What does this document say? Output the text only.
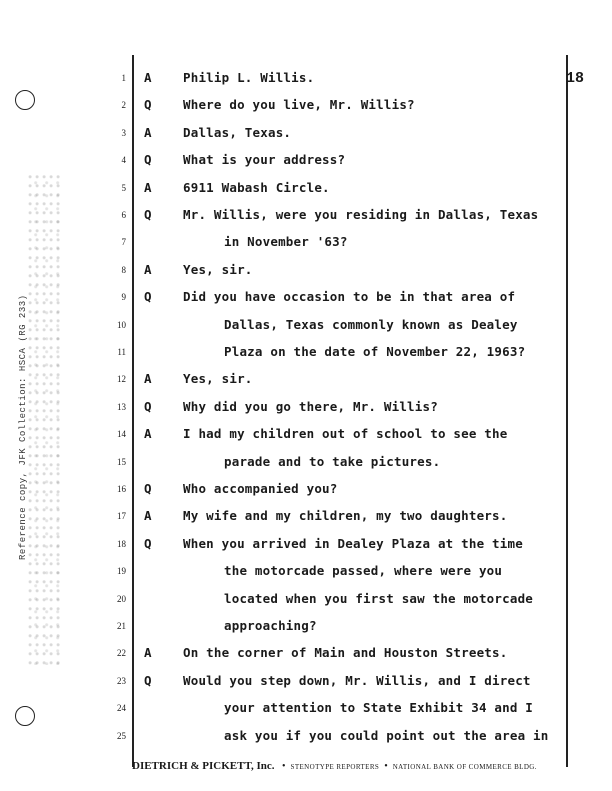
Reference copy, JFK Collection: HSCA (RG 233)
18
1 A	Philip L. Willis.
2 Q	Where do you live, Mr. Willis?
3 A	Dallas, Texas.
4 Q	What is your address?
5 A	6911 Wabash Circle.
6 Q	Mr. Willis, were you residing in Dallas, Texas
7	in November '63?
8 A	Yes, sir.
9 Q	Did you have occasion to be in that area of
10	Dallas, Texas commonly known as Dealey
11	Plaza on the date of November 22, 1963?
12 A	Yes, sir.
13 Q	Why did you go there, Mr. Willis?
14 A	I had my children out of school to see the
15	parade and to take pictures.
16 Q	Who accompanied you?
17 A	My wife and my children, my two daughters.
18 Q	When you arrived in Dealey Plaza at the time
19	the motorcade passed, where were you
20	located when you first saw the motorcade
21	approaching?
22 A	On the corner of Main and Houston Streets.
23 Q	Would you step down, Mr. Willis, and I direct
24	your attention to State Exhibit 34 and I
25	ask you if you could point out the area in
DIETRICH & PICKETT, Inc.   •  STENOTYPE REPORTERS  •  NATIONAL BANK OF COMMERCE BLDG.
